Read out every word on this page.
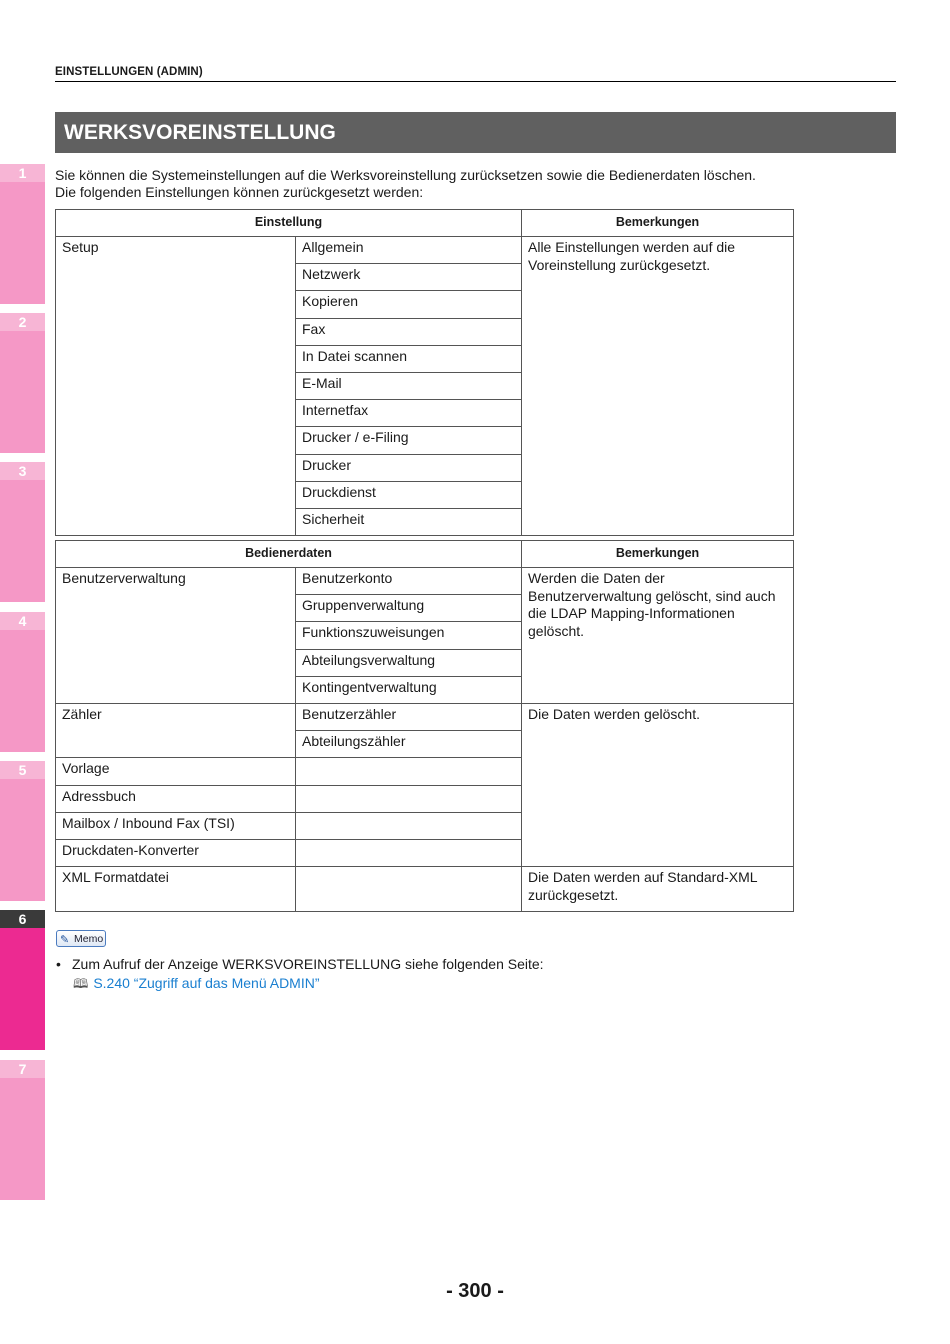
1
2
3
4
5
6
7
EINSTELLUNGEN (ADMIN)
WERKSVOREINSTELLUNG
Sie können die Systemeinstellungen auf die Werksvoreinstellung zurücksetzen sowie die Bedienerdaten löschen.
Die folgenden Einstellungen können zurückgesetzt werden:
Einstellung		Bemerkungen
Setup	Allgemein	Alle Einstellungen werden auf die Voreinstellung zurückgesetzt.
	Netzwerk	
	Kopieren	
	Fax	
	In Datei scannen	
	E-Mail	
	Internetfax	
	Drucker / e-Filing	
	Drucker	
	Druckdienst	
	Sicherheit	
Bedienerdaten		Bemerkungen
Benutzerverwaltung	Benutzerkonto	Werden die Daten der Benutzerverwaltung gelöscht, sind auch die LDAP Mapping-Informationen gelöscht.
	Gruppenverwaltung	
	Funktionszuweisungen	
	Abteilungsverwaltung	
	Kontingentverwaltung	
Zähler	Benutzerzähler	Die Daten werden gelöscht.
	Abteilungszähler	
Vorlage		
Adressbuch		
Mailbox / Inbound Fax (TSI)		
Druckdaten-Konverter		
XML Formatdatei		Die Daten werden auf Standard-XML zurückgesetzt.
✎ Memo
• Zum Aufruf der Anzeige WERKSVOREINSTELLUNG siehe folgenden Seite:
🕮 S.240 “Zugriff auf das Menü ADMIN”
- 300 -
